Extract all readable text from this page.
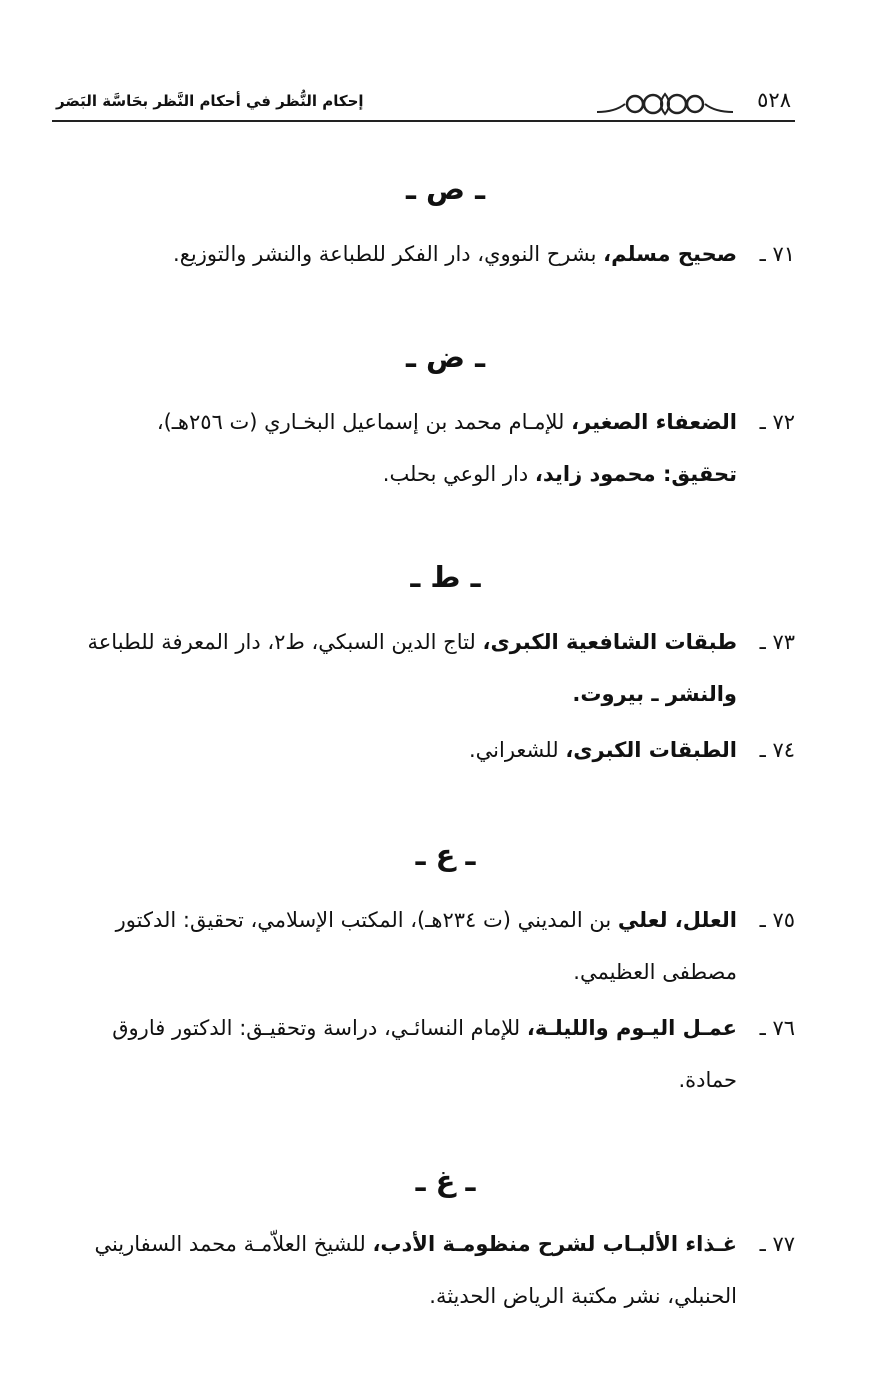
٥٢٨
إحكام النُّظر في أحكام النَّظر بحَاسَّة البَصَر
ـ ص ـ
٧١ ـصحيح مسلم، بشرح النووي، دار الفكر للطباعة والنشر والتوزيع.
ـ ض ـ
٧٢ ـالضعفاء الصغير، للإمـام محمد بن إسماعيل البخـاري (ت ٢٥٦هـ)،
تحقيق: محمود زايد، دار الوعي بحلب.
ـ ط ـ
٧٣ ـطبقات الشافعية الكبرى، لتاج الدين السبكي، ط٢، دار المعرفة للطباعة
والنشر ـ بيروت.
٧٤ ـالطبقات الكبرى، للشعراني.
ـ ع ـ
٧٥ ـالعلل، لعلي بن المديني (ت ٢٣٤هـ)، المكتب الإسلامي، تحقيق: الدكتور
مصطفى العظيمي.
٧٦ ـعمـل اليـوم والليلـة، للإمام النسائـي، دراسة وتحقيـق: الدكتور فاروق
حمادة.
ـ غ ـ
٧٧ ـغـذاء الألبـاب لشرح منظومـة الأدب، للشيخ العلاّمـة محمد السفاريني
الحنبلي، نشر مكتبة الرياض الحديثة.
